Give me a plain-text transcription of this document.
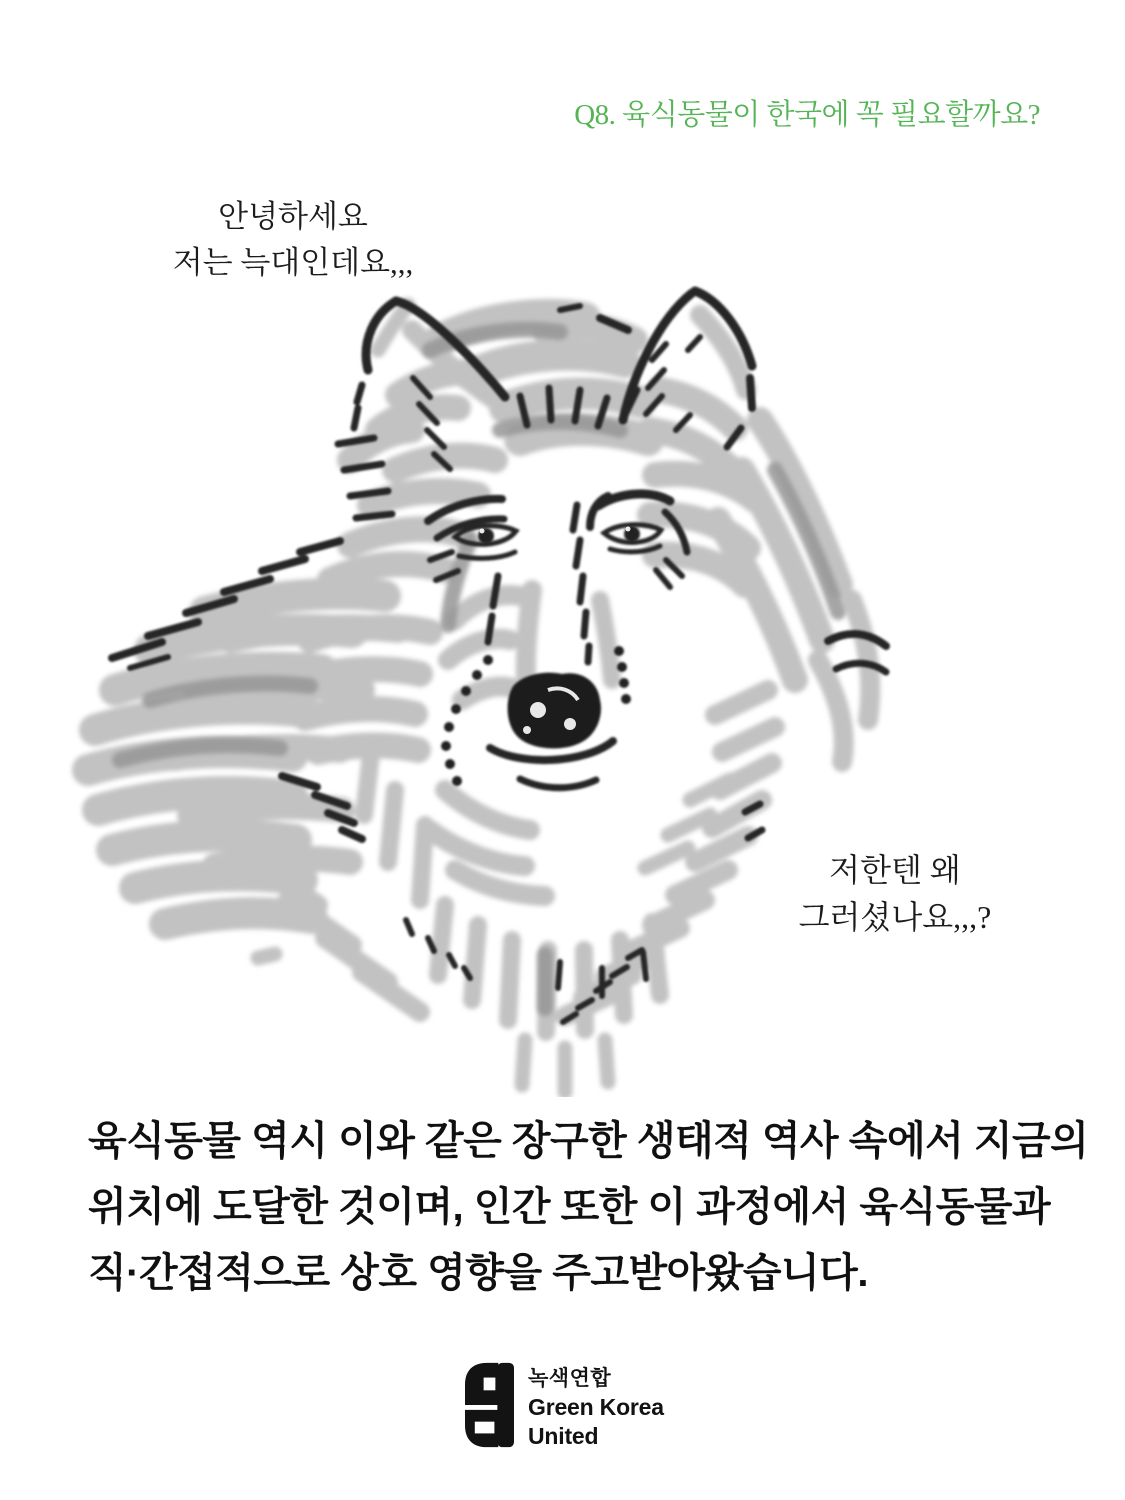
Q8. 육식동물이 한국에 꼭 필요할까요?
안녕하세요
저는 늑대인데요,,,
저한텐 왜
그러셨나요,,,?
육식동물 역시 이와 같은 장구한 생태적 역사 속에서 지금의
위치에 도달한 것이며, 인간 또한 이 과정에서 육식동물과
직·간접적으로 상호 영향을 주고받아왔습니다.
녹색연합
Green Korea
United
